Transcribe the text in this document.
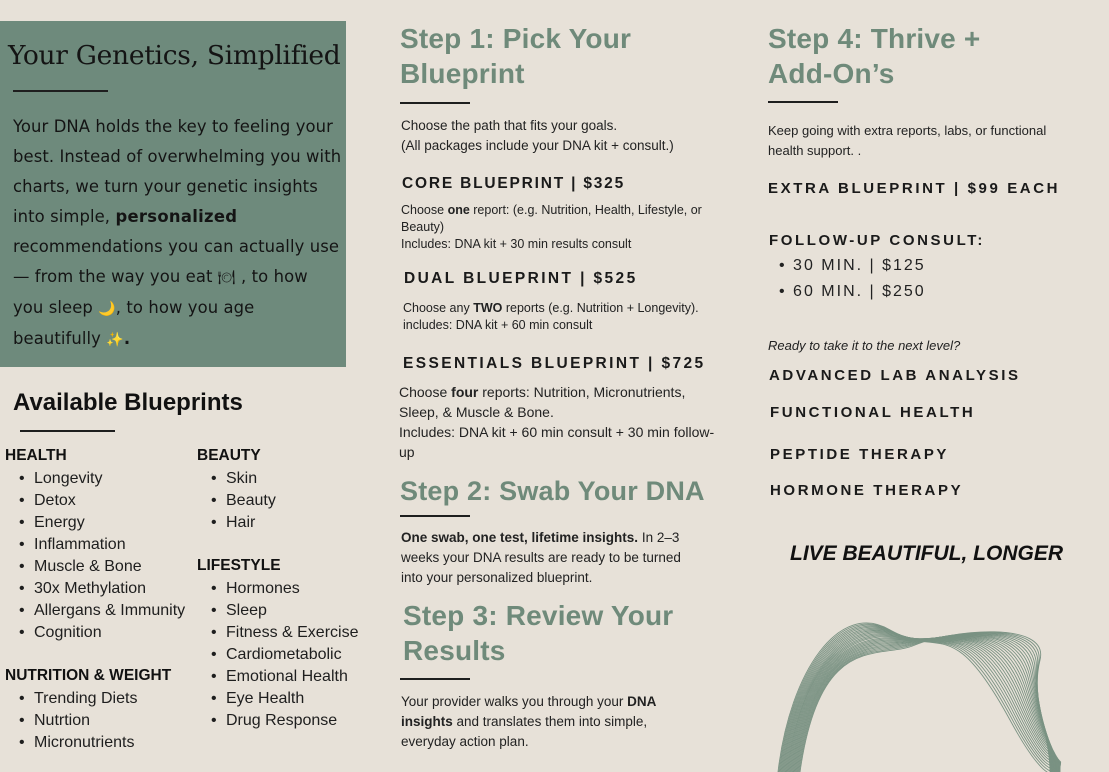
Your Genetics, Simplified
Your DNA holds the key to feeling your best. Instead of overwhelming you with charts, we turn your genetic insights into simple, personalized recommendations you can actually use — from the way you eat 🍽 , to how you sleep 🌙, to how you age beautifully ✨.
Available Blueprints
HEALTH
• Longevity
• Detox
• Energy
• Inflammation
• Muscle & Bone
• 30x Methylation
• Allergans & Immunity
• Cognition
NUTRITION & WEIGHT
• Trending Diets
• Nutrtion
• Micronutrients
BEAUTY
• Skin
• Beauty
• Hair
LIFESTYLE
• Hormones
• Sleep
• Fitness & Exercise
• Cardiometabolic
• Emotional Health
• Eye Health
• Drug Response
Step 1: Pick Your
Blueprint
Choose the path that fits your goals.
(All packages include your DNA kit + consult.)
CORE BLUEPRINT | $325
Choose one report: (e.g. Nutrition, Health, Lifestyle, or Beauty)
Includes: DNA kit + 30 min results consult
DUAL BLUEPRINT | $525
Choose any TWO reports (e.g. Nutrition + Longevity).
includes: DNA kit + 60 min consult
ESSENTIALS BLUEPRINT | $725
Choose four reports: Nutrition, Micronutrients, Sleep, & Muscle & Bone.
Includes: DNA kit + 60 min consult + 30 min follow-up
Step 2: Swab Your DNA
One swab, one test, lifetime insights. In 2–3 weeks your DNA results are ready to be turned into your personalized blueprint.
Step 3: Review Your
Results
Your provider walks you through your DNA insights and translates them into simple, everyday action plan.
Step 4: Thrive +
Add-On’s
Keep going with extra reports, labs, or functional health support. .
EXTRA BLUEPRINT | $99 EACH
FOLLOW-UP CONSULT:
• 30 MIN. | $125
• 60 MIN. | $250
Ready to take it to the next level?
ADVANCED LAB ANALYSIS
FUNCTIONAL HEALTH
PEPTIDE THERAPY
HORMONE THERAPY
LIVE BEAUTIFUL, LONGER
